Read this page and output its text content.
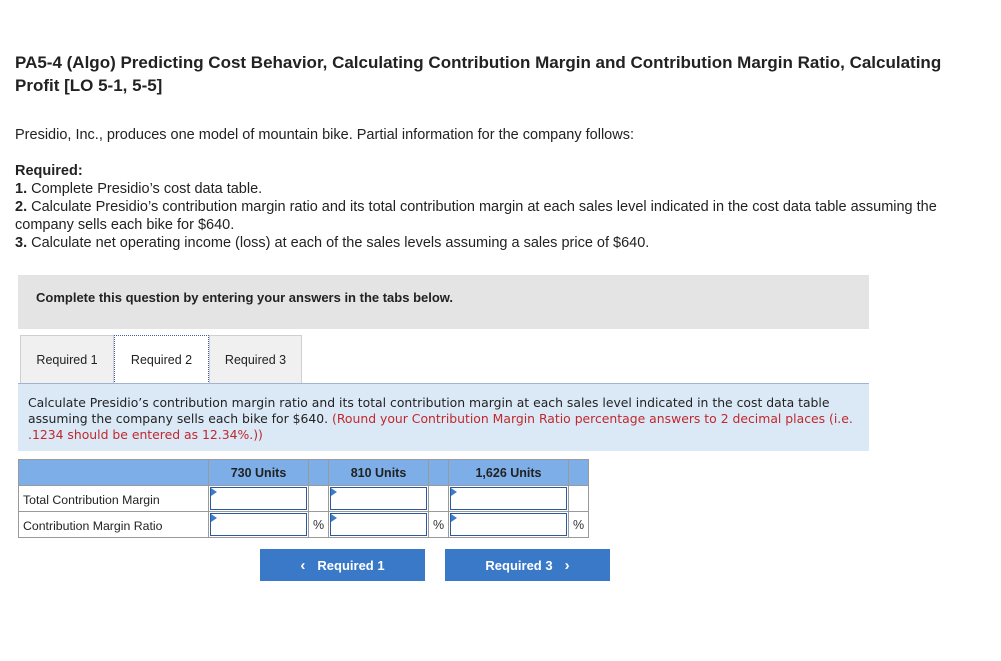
PA5-4 (Algo) Predicting Cost Behavior, Calculating Contribution Margin and Contribution Margin Ratio, Calculating Profit [LO 5-1, 5-5]

Presidio, Inc., produces one model of mountain bike. Partial information for the company follows:

Required:
1. Complete Presidio’s cost data table.
2. Calculate Presidio’s contribution margin ratio and its total contribution margin at each sales level indicated in the cost data table assuming the company sells each bike for $640.
3. Calculate net operating income (loss) at each of the sales levels assuming a sales price of $640.
Complete this question by entering your answers in the tabs below.
Required 1	Required 2	Required 3

Calculate Presidio’s contribution margin ratio and its total contribution margin at each sales level indicated in the cost data table assuming the company sells each bike for $640. (Round your Contribution Margin Ratio percentage answers to 2 decimal places (i.e. .1234 should be entered as 12.34%.))

	730 Units		810 Units		1,626 Units	
Total Contribution Margin	

Contribution Margin Ratio		%		%		%
‹ Required 1	Required 3 ›
